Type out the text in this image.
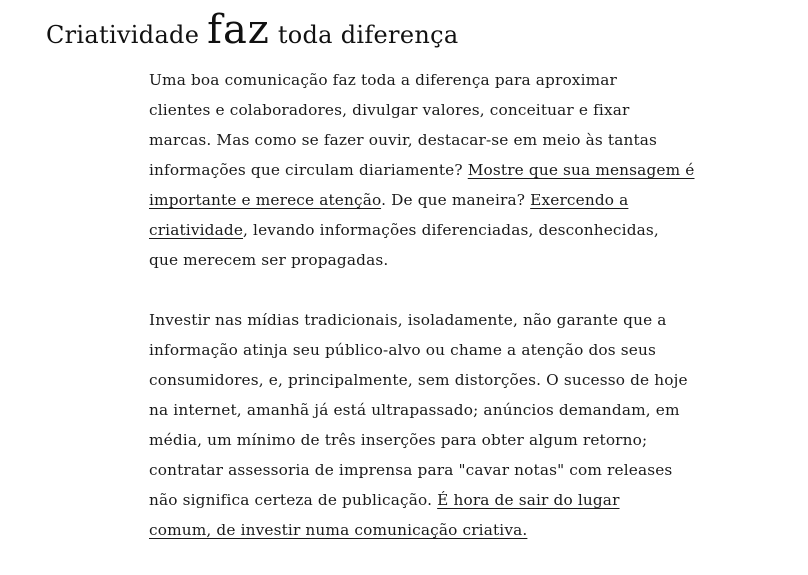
Criatividade faz toda diferença

Uma boa comunicação faz toda a diferença para aproximar
clientes e colaboradores, divulgar valores, conceituar e fixar
marcas. Mas como se fazer ouvir, destacar-se em meio às tantas
informações que circulam diariamente? Mostre que sua mensagem é
importante e merece atenção. De que maneira? Exercendo a
criatividade, levando informações diferenciadas, desconhecidas,
que merecem ser propagadas.

Investir nas mídias tradicionais, isoladamente, não garante que a
informação atinja seu público-alvo ou chame a atenção dos seus
consumidores, e, principalmente, sem distorções. O sucesso de hoje
na internet, amanhã já está ultrapassado; anúncios demandam, em
média, um mínimo de três inserções para obter algum retorno;
contratar assessoria de imprensa para "cavar notas" com releases
não significa certeza de publicação. É hora de sair do lugar
comum, de investir numa comunicação criativa.
